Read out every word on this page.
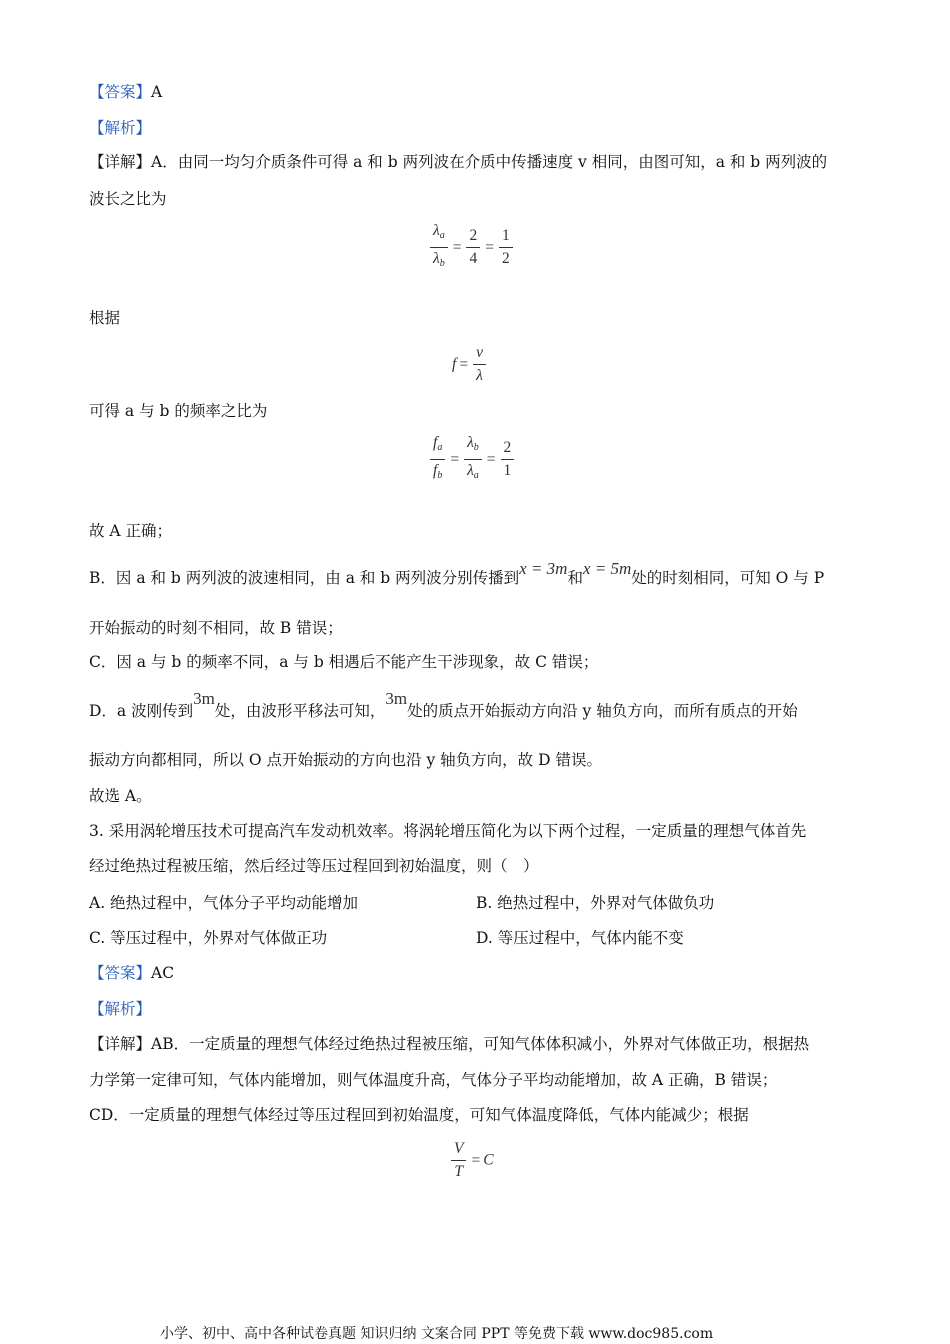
【答案】A
【解析】
【详解】A．由同一均匀介质条件可得 a 和 b 两列波在介质中传播速度 v 相同，由图可知，a 和 b 两列波的
波长之比为
$\frac{\lambda_a}{\lambda_b} = \frac{2}{4} = \frac{1}{2}$
根据
$f = \frac{v}{\lambda}$
可得 a 与 b 的频率之比为
$\frac{f_a}{f_b} = \frac{\lambda_b}{\lambda_a} = \frac{2}{1}$
故 A 正确；
B．因 a 和 b 两列波的波速相同，由 a 和 b 两列波分别传播到x = 3m和x = 5m处的时刻相同，可知 O 与 P
开始振动的时刻不相同，故 B 错误；
C．因 a 与 b 的频率不同，a 与 b 相遇后不能产生干涉现象，故 C 错误；
D．a 波刚传到3m处，由波形平移法可知，3m处的质点开始振动方向沿 y 轴负方向，而所有质点的开始
振动方向都相同，所以 O 点开始振动的方向也沿 y 轴负方向，故 D 错误。
故选 A。
3. 采用涡轮增压技术可提高汽车发动机效率。将涡轮增压简化为以下两个过程，一定质量的理想气体首先
经过绝热过程被压缩，然后经过等压过程回到初始温度，则（　）
A. 绝热过程中，气体分子平均动能增加	B. 绝热过程中，外界对气体做负功
C. 等压过程中，外界对气体做正功	D. 等压过程中，气体内能不变
【答案】AC
【解析】
【详解】AB．一定质量的理想气体经过绝热过程被压缩，可知气体体积减小，外界对气体做正功，根据热
力学第一定律可知，气体内能增加，则气体温度升高，气体分子平均动能增加，故 A 正确，B 错误；
CD．一定质量的理想气体经过等压过程回到初始温度，可知气体温度降低，气体内能减少；根据
$\frac{V}{T} = C$
小学、初中、高中各种试卷真题 知识归纳 文案合同 PPT 等免费下载 www.doc985.com
